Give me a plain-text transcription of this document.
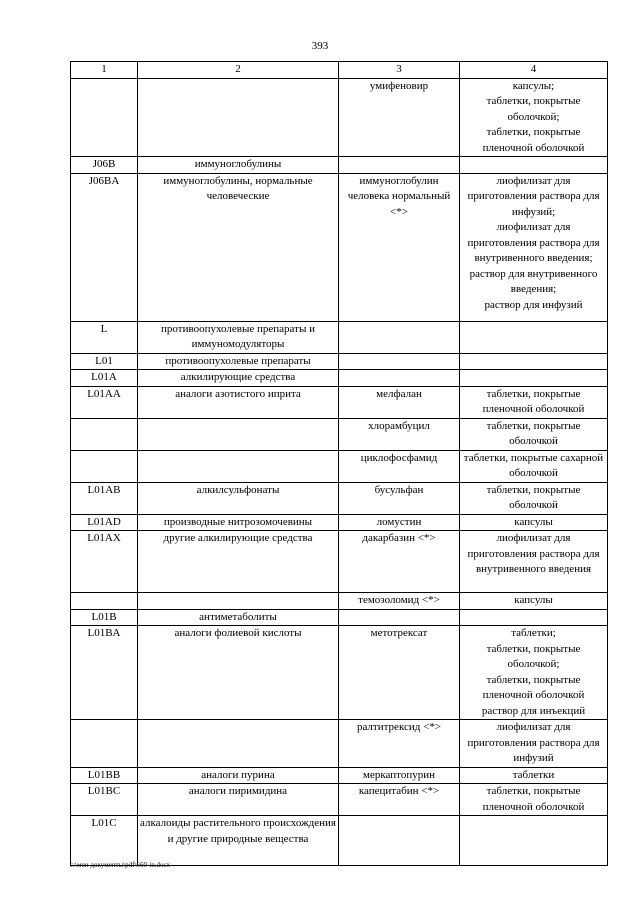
393
1	2	3	4
		умифеновир	капсулы;
таблетки, покрытые оболочкой;
таблетки, покрытые пленочной оболочкой
J06B	иммуноглобулины		
J06BA	иммуноглобулины, нормальные человеческие	иммуноглобулин человека нормальный <*>	лиофилизат для приготовления раствора для инфузий;
лиофилизат для приготовления раствора для внутривенного введения;
раствор для внутривенного введения;
раствор для инфузий
L	противоопухолевые препараты и иммуномодуляторы		
L01	противоопухолевые препараты		
L01A	алкилирующие средства		
L01AA	аналоги азотистого иприта	мелфалан	таблетки, покрытые пленочной оболочкой
		хлорамбуцил	таблетки, покрытые оболочкой
		циклофосфамид	таблетки, покрытые сахарной оболочкой
L01AB	алкилсульфонаты	бусульфан	таблетки, покрытые оболочкой
L01AD	производные нитрозомочевины	ломустин	капсулы
L01AX	другие алкилирующие средства	дакарбазин <*>	лиофилизат для приготовления раствора для внутривенного введения
		темозоломид <*>	капсулы
L01B	антиметаболиты		
L01BA	аналоги фолиевой кислоты	метотрексат	таблетки;
таблетки, покрытые оболочкой;
таблетки, покрытые пленочной оболочкой
раствор для инъекций
		ралтитрексид <*>	лиофилизат для приготовления раствора для инфузий
L01BB	аналоги пурина	меркаптопурин	таблетки
L01BC	аналоги пиримидина	капецитабин <*>	таблетки, покрытые пленочной оболочкой
L01C	алкалоиды растительного происхождения и другие природные вещества		
c:\мои документы\pdf\660-in.docx
